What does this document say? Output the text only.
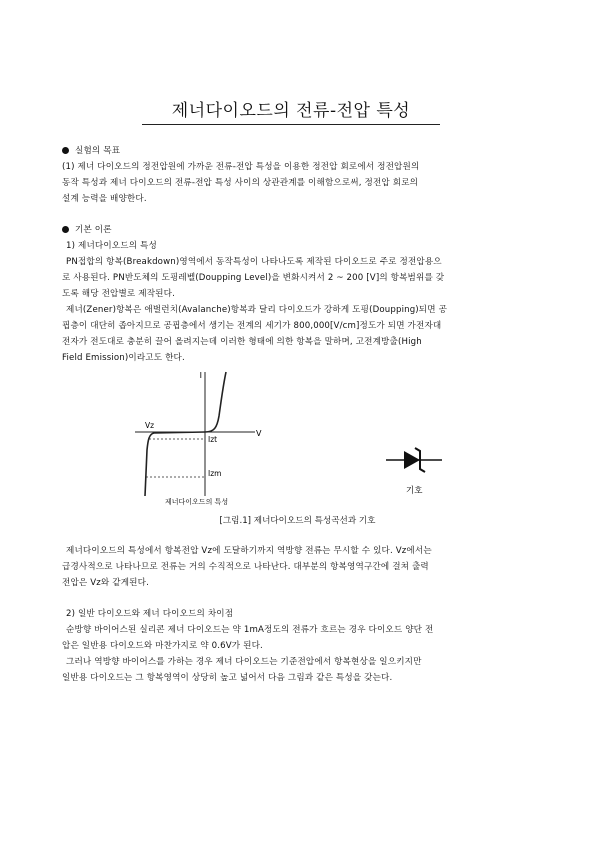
제너다이오드의 전류-전압 특성
실험의 목표
(1) 제너 다이오드의 정전압원에 가까운 전류-전압 특성을 이용한 정전압 회로에서 정전압원의
동작 특성과 제너 다이오드의 전류-전압 특성 사이의 상관관계를 이해함으로써, 정전압 회로의
설계 능력을 배양한다.
기본 이론
1) 제너다이오드의 특성
PN접합의 항복(Breakdown)영역에서 동작특성이 나타나도록 제작된 다이오드로 주로 정전압용으
로 사용된다. PN반도체의 도핑레벨(Doupping Level)을 변화시켜서 2 ~ 200 [V]의 항복범위를 갖
도록 해당 전압별로 제작된다.
제너(Zener)항복은 애벌런치(Avalanche)항복과 달리 다이오드가 강하게 도핑(Doupping)되면 공
핍층이 대단히 좁아지므로 공핍층에서 생기는 전계의 세기가 800,000[V/cm]정도가 되면 가전자대
전자가 전도대로 충분히 끌어 올려지는데 이러한 형태에 의한 항복을 말하며, 고전계방출(High
Field Emission)이라고도 한다.
I
V
Vz
Izt
Izm
제너다이오드의 특성
기호
[그림.1] 제너다이오드의 특성곡선과 기호
제너다이오드의 특성에서 항복전압 Vz에 도달하기까지 역방향 전류는 무시할 수 있다. Vz에서는
급경사적으로 나타나므로 전류는 거의 수직적으로 나타난다. 대부분의 항복영역구간에 걸쳐 출력
전압은 Vz와 같게된다.
2) 일반 다이오드와 제너 다이오드의 차이점
순방향 바이어스된 실리콘 제너 다이오드는 약 1mA정도의 전류가 흐르는 경우 다이오드 양단 전
압은 일반용 다이오드와 마찬가지로 약 0.6V가 된다.
그러나 역방향 바이어스를 가하는 경우 제너 다이오드는 기준전압에서 항복현상을 일으키지만
일반용 다이오드는 그 항복영역이 상당히 높고 넓어서 다음 그림과 같은 특성을 갖는다.
